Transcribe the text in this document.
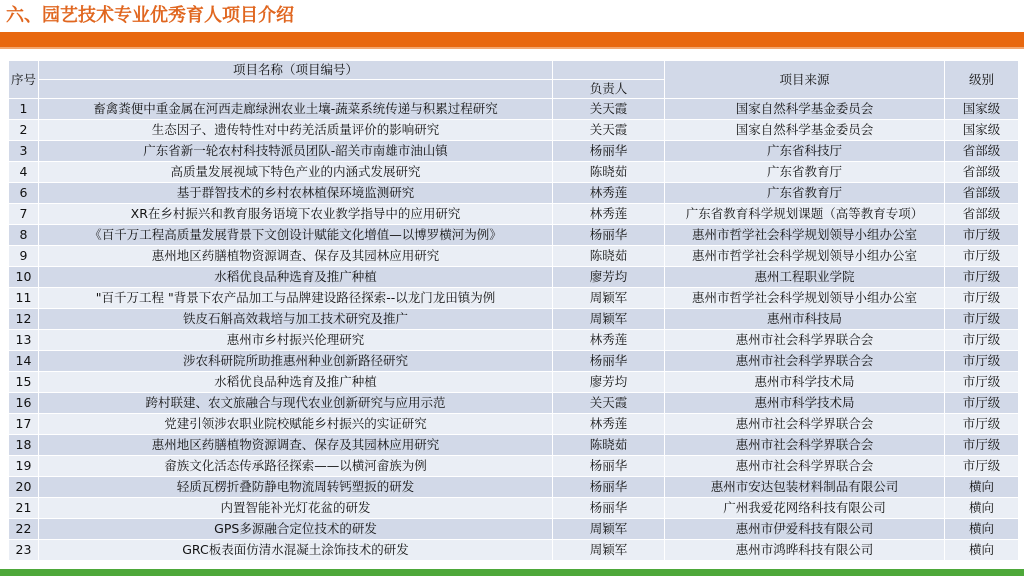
六、园艺技术专业优秀育人项目介绍
序号	项目名称（项目编号）		项目来源	级别
		负责人		
1	畜禽粪便中重金属在河西走廊绿洲农业土壤-蔬菜系统传递与积累过程研究	关天霞	国家自然科学基金委员会	国家级
2	生态因子、遗传特性对中药羌活质量评价的影响研究	关天霞	国家自然科学基金委员会	国家级
3	广东省新一轮农村科技特派员团队-韶关市南雄市油山镇	杨丽华	广东省科技厅	省部级
4	高质量发展视域下特色产业的内涵式发展研究	陈晓茹	广东省教育厅	省部级
6	基于群智技术的乡村农林植保环境监测研究	林秀莲	广东省教育厅	省部级
7	XR在乡村振兴和教育服务语境下农业教学指导中的应用研究	林秀莲	广东省教育科学规划课题（高等教育专项）	省部级
8	《百千万工程高质量发展背景下文创设计赋能文化增值—以博罗横河为例》	杨丽华	惠州市哲学社会科学规划领导小组办公室	市厅级
9	惠州地区药膳植物资源调查、保存及其园林应用研究	陈晓茹	惠州市哲学社会科学规划领导小组办公室	市厅级
10	水稻优良品种选育及推广种植	廖芳均	惠州工程职业学院	市厅级
11	"百千万工程 "背景下农产品加工与品牌建设路径探索--以龙门龙田镇为例	周颖军	惠州市哲学社会科学规划领导小组办公室	市厅级
12	铁皮石斛高效栽培与加工技术研究及推广	周颖军	惠州市科技局	市厅级
13	惠州市乡村振兴伦理研究	林秀莲	惠州市社会科学界联合会	市厅级
14	涉农科研院所助推惠州种业创新路径研究	杨丽华	惠州市社会科学界联合会	市厅级
15	水稻优良品种选育及推广种植	廖芳均	惠州市科学技术局	市厅级
16	跨村联建、农文旅融合与现代农业创新研究与应用示范	关天霞	惠州市科学技术局	市厅级
17	党建引领涉农职业院校赋能乡村振兴的实证研究	林秀莲	惠州市社会科学界联合会	市厅级
18	惠州地区药膳植物资源调查、保存及其园林应用研究	陈晓茹	惠州市社会科学界联合会	市厅级
19	畲族文化活态传承路径探索——以横河畲族为例	杨丽华	惠州市社会科学界联合会	市厅级
20	轻质瓦楞折叠防静电物流周转钙塑扳的研发	杨丽华	惠州市安达包装材料制品有限公司	横向
21	内置智能补光灯花盆的研发	杨丽华	广州我爱花网络科技有限公司	横向
22	GPS多源融合定位技术的研发	周颖军	惠州市伊爱科技有限公司	横向
23	GRC板表面仿清水混凝土涂饰技术的研发	周颖军	惠州市鸿晔科技有限公司	横向
